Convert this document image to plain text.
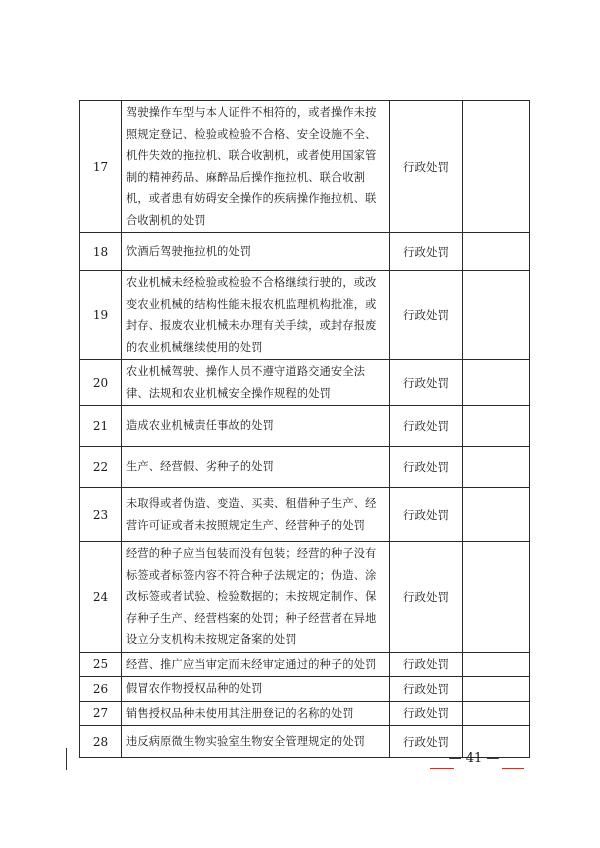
17	驾驶操作车型与本人证件不相符的，或者操作未按照规定登记、检验或检验不合格、安全设施不全、机件失效的拖拉机、联合收割机，或者使用国家管制的精神药品、麻醉品后操作拖拉机、联合收割机，或者患有妨碍安全操作的疾病操作拖拉机、联合收割机的处罚	行政处罚	
18	饮酒后驾驶拖拉机的处罚	行政处罚	
19	农业机械未经检验或检验不合格继续行驶的，或改变农业机械的结构性能未报农机监理机构批准，或封存、报废农业机械未办理有关手续，或封存报废的农业机械继续使用的处罚	行政处罚	
20	农业机械驾驶、操作人员不遵守道路交通安全法律、法规和农业机械安全操作规程的处罚	行政处罚	
21	造成农业机械责任事故的处罚	行政处罚	
22	生产、经营假、劣种子的处罚	行政处罚	
23	未取得或者伪造、变造、买卖、租借种子生产、经营许可证或者未按照规定生产、经营种子的处罚	行政处罚	
24	经营的种子应当包装而没有包装；经营的种子没有标签或者标签内容不符合种子法规定的；伪造、涂改标签或者试验、检验数据的；未按规定制作、保存种子生产、经营档案的处罚；种子经营者在异地设立分支机构未按规定备案的处罚	行政处罚	
25	经营、推广应当审定而未经审定通过的种子的处罚	行政处罚	
26	假冒农作物授权品种的处罚	行政处罚	
27	销售授权品种未使用其注册登记的名称的处罚	行政处罚	
28	违反病原微生物实验室生物安全管理规定的处罚	行政处罚	
— 41 —
